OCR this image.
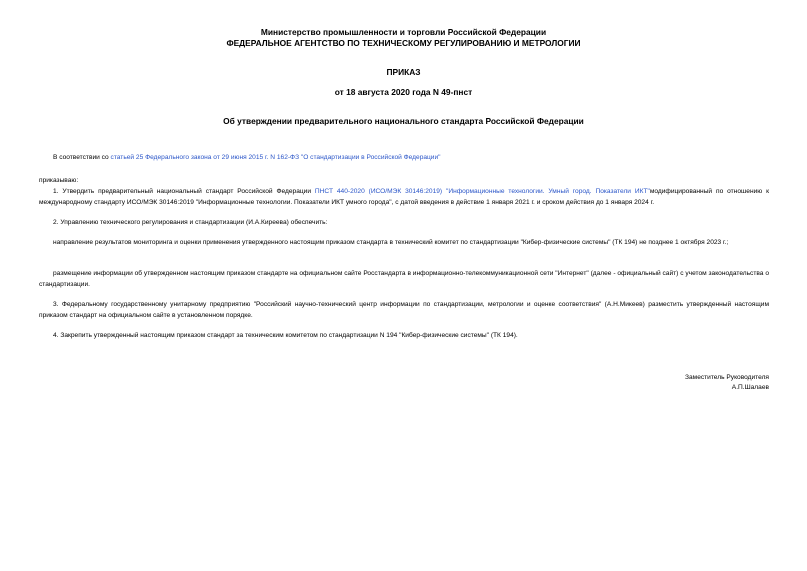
Министерство промышленности и торговли Российской Федерации
ФЕДЕРАЛЬНОЕ АГЕНТСТВО ПО ТЕХНИЧЕСКОМУ РЕГУЛИРОВАНИЮ И МЕТРОЛОГИИ
ПРИКАЗ
от 18 августа 2020 года N 49-пнст
Об утверждении предварительного национального стандарта Российской Федерации
В соответствии со статьей 25 Федерального закона от 29 июня 2015 г. N 162-ФЗ "О стандартизации в Российской Федерации"
приказываю:
1. Утвердить предварительный национальный стандарт Российской Федерации ПНСТ 440-2020 (ИСО/МЭК 30146:2019) "Информационные технологии. Умный город. Показатели ИКТ"модифицированный по отношению к международному стандарту ИСО/МЭК 30146:2019 "Информационные технологии. Показатели ИКТ умного города", с датой введения в действие 1 января 2021 г. и сроком действия до 1 января 2024 г.
2. Управлению технического регулирования и стандартизации (И.А.Киреева) обеспечить:
направление результатов мониторинга и оценки применения утвержденного настоящим приказом стандарта в технический комитет по стандартизации "Кибер-физические системы" (ТК 194) не позднее 1 октября 2023 г.;
размещение информации об утвержденном настоящим приказом стандарте на официальном сайте Росстандарта в информационно-телекоммуникационной сети "Интернет" (далее - официальный сайт) с учетом законодательства о стандартизации.
3. Федеральному государственному унитарному предприятию "Российский научно-технический центр информации по стандартизации, метрологии и оценке соответствия" (А.Н.Микеев) разместить утвержденный настоящим приказом стандарт на официальном сайте в установленном порядке.
4. Закрепить утвержденный настоящим приказом стандарт за техническим комитетом по стандартизации N 194 "Кибер-физические системы" (ТК 194).
Заместитель Руководителя
А.П.Шалаев
